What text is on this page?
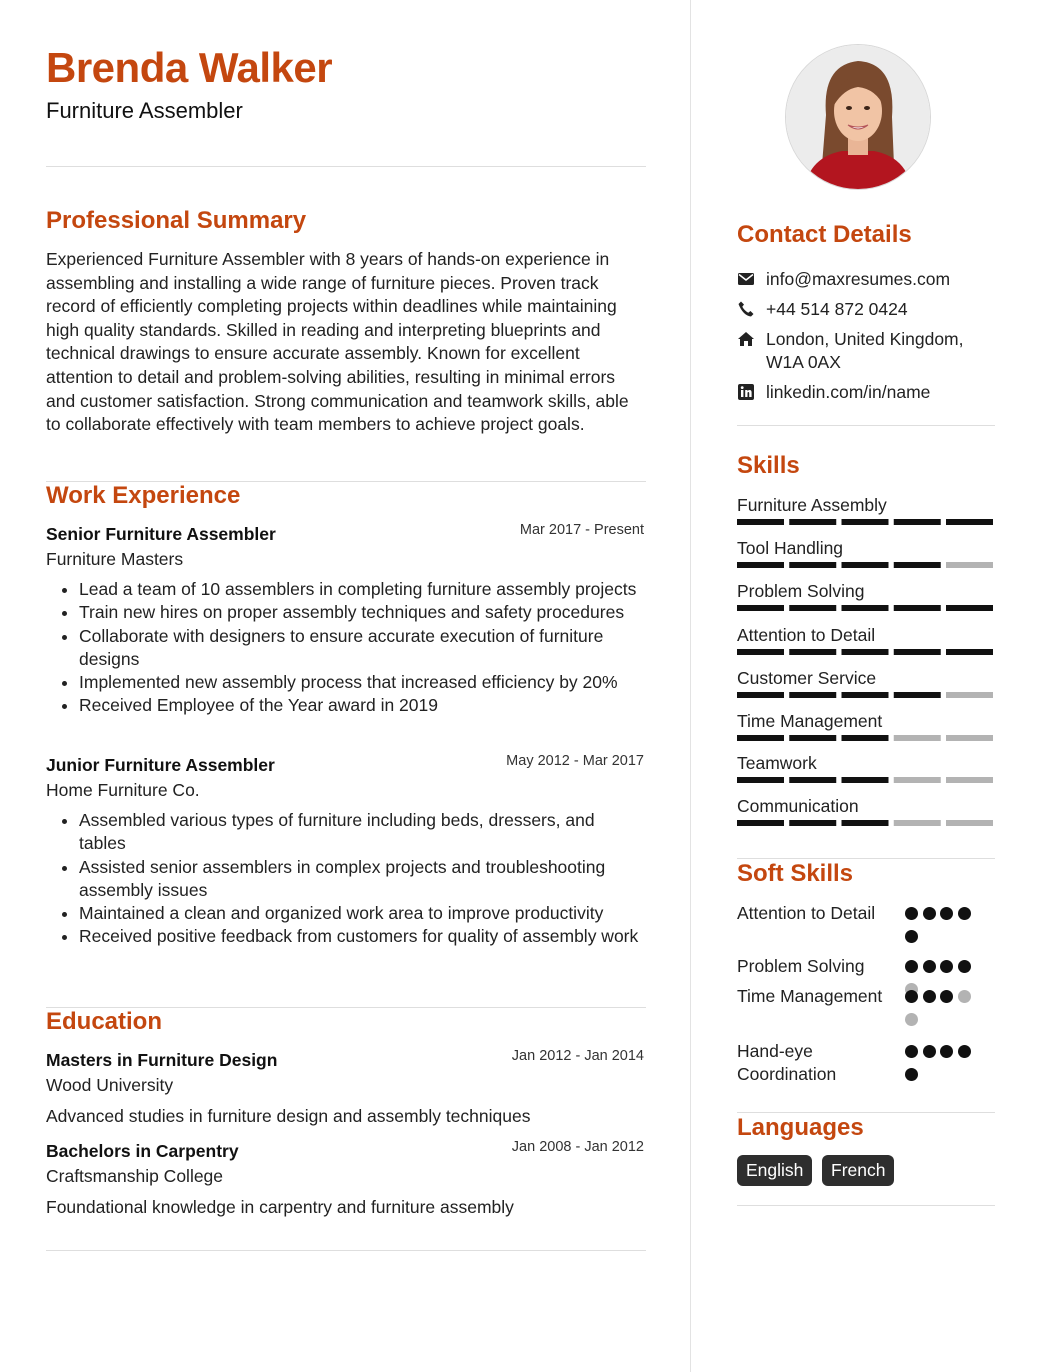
Brenda Walker
Furniture Assembler
Professional Summary
Experienced Furniture Assembler with 8 years of hands-on experience in assembling and installing a wide range of furniture pieces. Proven track record of efficiently completing projects within deadlines while maintaining high quality standards. Skilled in reading and interpreting blueprints and technical drawings to ensure accurate assembly. Known for excellent attention to detail and problem-solving abilities, resulting in minimal errors and customer satisfaction. Strong communication and teamwork skills, able to collaborate effectively with team members to achieve project goals.
Work Experience
Senior Furniture Assembler	Mar 2017 - Present
Furniture Masters
• Lead a team of 10 assemblers in completing furniture assembly projects
• Train new hires on proper assembly techniques and safety procedures
• Collaborate with designers to ensure accurate execution of furniture designs
• Implemented new assembly process that increased efficiency by 20%
• Received Employee of the Year award in 2019
Junior Furniture Assembler	May 2012 - Mar 2017
Home Furniture Co.
• Assembled various types of furniture including beds, dressers, and tables
• Assisted senior assemblers in complex projects and troubleshooting assembly issues
• Maintained a clean and organized work area to improve productivity
• Received positive feedback from customers for quality of assembly work
Education
Masters in Furniture Design	Jan 2012 - Jan 2014
Wood University
Advanced studies in furniture design and assembly techniques
Bachelors in Carpentry	Jan 2008 - Jan 2012
Craftsmanship College
Foundational knowledge in carpentry and furniture assembly
Contact Details
info@maxresumes.com
+44 514 872 0424
London, United Kingdom, W1A 0AX
linkedin.com/in/name
Skills
Furniture Assembly
Tool Handling
Problem Solving
Attention to Detail
Customer Service
Time Management
Teamwork
Communication
Soft Skills
Attention to Detail
Problem Solving
Time Management
Hand-eye Coordination
Languages
English	French
